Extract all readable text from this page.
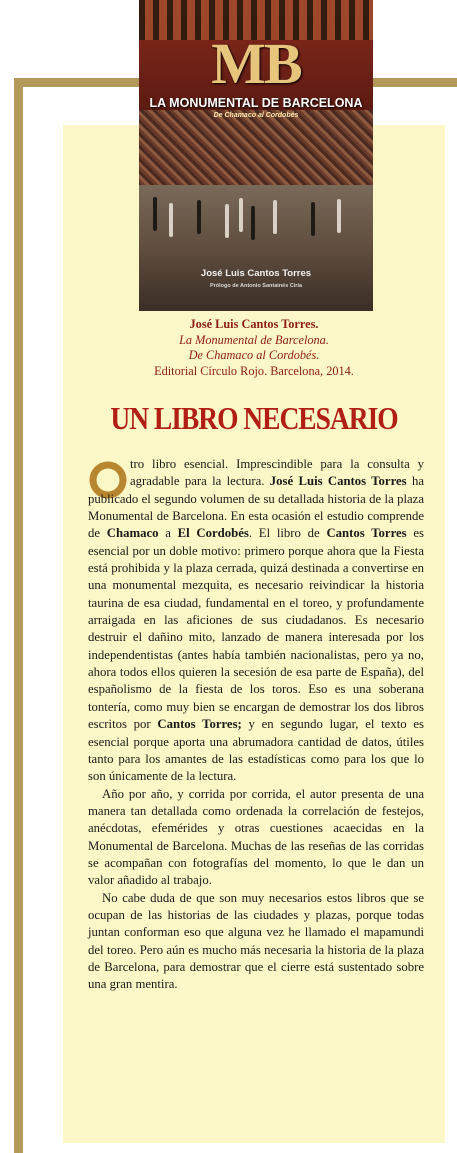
MB
LA MONUMENTAL DE BARCELONA
De Chamaco al Cordobés
José Luis Cantos Torres
Prólogo de Antonio Santainés Ciria
José Luis Cantos Torres.
La Monumental de Barcelona.
De Chamaco al Cordobés.
Editorial Círculo Rojo. Barcelona, 2014.
UN LIBRO NECESARIO

tro libro esencial. Imprescindible para la consulta y agradable para la lectura. José Luis Cantos Torres ha publicado el segundo volumen de su detallada historia de la plaza Monumental de Barcelona. En esta ocasión el estudio comprende de Chamaco a El Cordobés. El libro de Cantos Torres es esencial por un doble motivo: primero porque ahora que la Fiesta está prohibida y la plaza cerrada, quizá destinada a convertirse en una monumental mezquita, es necesario reivindicar la historia taurina de esa ciudad, fundamental en el toreo, y profundamente arraigada en las aficiones de sus ciudadanos. Es necesario destruir el dañino mito, lanzado de manera interesada por los independentistas (antes había también nacionalistas, pero ya no, ahora todos ellos quieren la secesión de esa parte de España), del españolismo de la fiesta de los toros. Eso es una soberana tontería, como muy bien se encargan de demostrar los dos libros escritos por Cantos Torres; y en segundo lugar, el texto es esencial porque aporta una abrumadora cantidad de datos, útiles tanto para los amantes de las estadísticas como para los que lo son únicamente de la lectura.

Año por año, y corrida por corrida, el autor presenta de una manera tan detallada como ordenada la correlación de festejos, anécdotas, efemérides y otras cuestiones acaecidas en la Monumental de Barcelona. Muchas de las reseñas de las corridas se acompañan con fotografías del momento, lo que le dan un valor añadido al trabajo.

No cabe duda de que son muy necesarios estos libros que se ocupan de las historias de las ciudades y plazas, porque todas juntan conforman eso que alguna vez he llamado el mapamundi del toreo. Pero aún es mucho más necesaria la historia de la plaza de Barcelona, para demostrar que el cierre está sustentado sobre una gran mentira.
